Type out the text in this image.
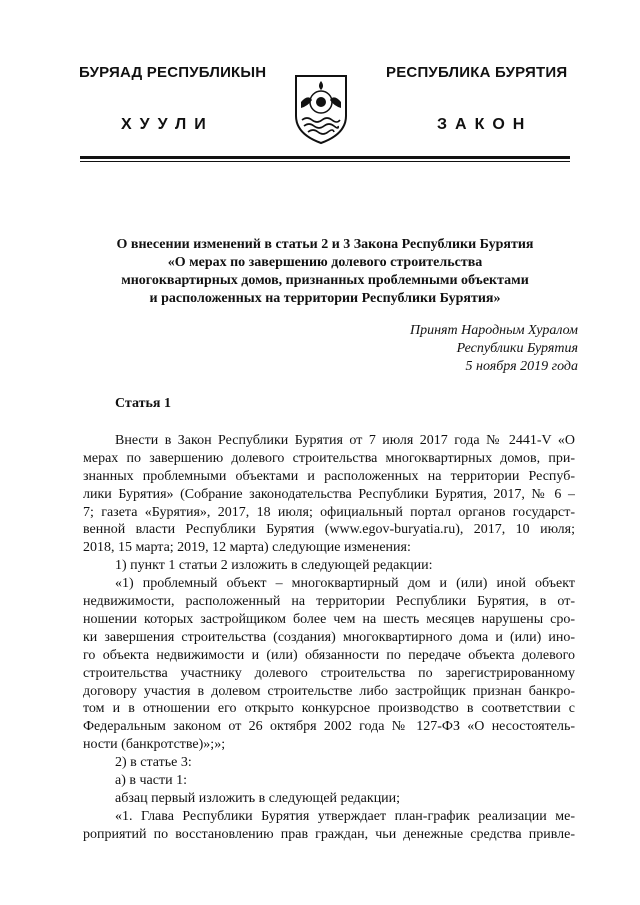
БУРЯАД РЕСПУБЛИКЫН	РЕСПУБЛИКА БУРЯТИЯ
ХУУЛИ	ЗАКОН
О внесении изменений в статьи 2 и 3 Закона Республики Бурятия
«О мерах по завершению долевого строительства
многоквартирных домов, признанных проблемными объектами
и расположенных на территории Республики Бурятия»
Принят Народным Хуралом
Республики Бурятия
5 ноября 2019 года
Статья 1
Внести в Закон Республики Бурятия от 7 июля 2017 года № 2441-V «О
мерах по завершению долевого строительства многоквартирных домов, при-
знанных проблемными объектами и расположенных на территории Респуб-
лики Бурятия» (Собрание законодательства Республики Бурятия, 2017, № 6 –
7; газета «Бурятия», 2017, 18 июля; официальный портал органов государст-
венной власти Республики Бурятия (www.egov-buryatia.ru), 2017, 10 июля;
2018, 15 марта; 2019, 12 марта) следующие изменения:
1) пункт 1 статьи 2 изложить в следующей редакции:
«1) проблемный объект – многоквартирный дом и (или) иной объект
недвижимости, расположенный на территории Республики Бурятия, в от-
ношении которых застройщиком более чем на шесть месяцев нарушены сро-
ки завершения строительства (создания) многоквартирного дома и (или) ино-
го объекта недвижимости и (или) обязанности по передаче объекта долевого
строительства участнику долевого строительства по зарегистрированному
договору участия в долевом строительстве либо застройщик признан банкро-
том и в отношении его открыто конкурсное производство в соответствии с
Федеральным законом от 26 октября 2002 года № 127-ФЗ «О несостоятель-
ности (банкротстве)»;»;
2) в статье 3:
а) в части 1:
абзац первый изложить в следующей редакции;
«1. Глава Республики Бурятия утверждает план-график реализации ме-
роприятий по восстановлению прав граждан, чьи денежные средства привле-
